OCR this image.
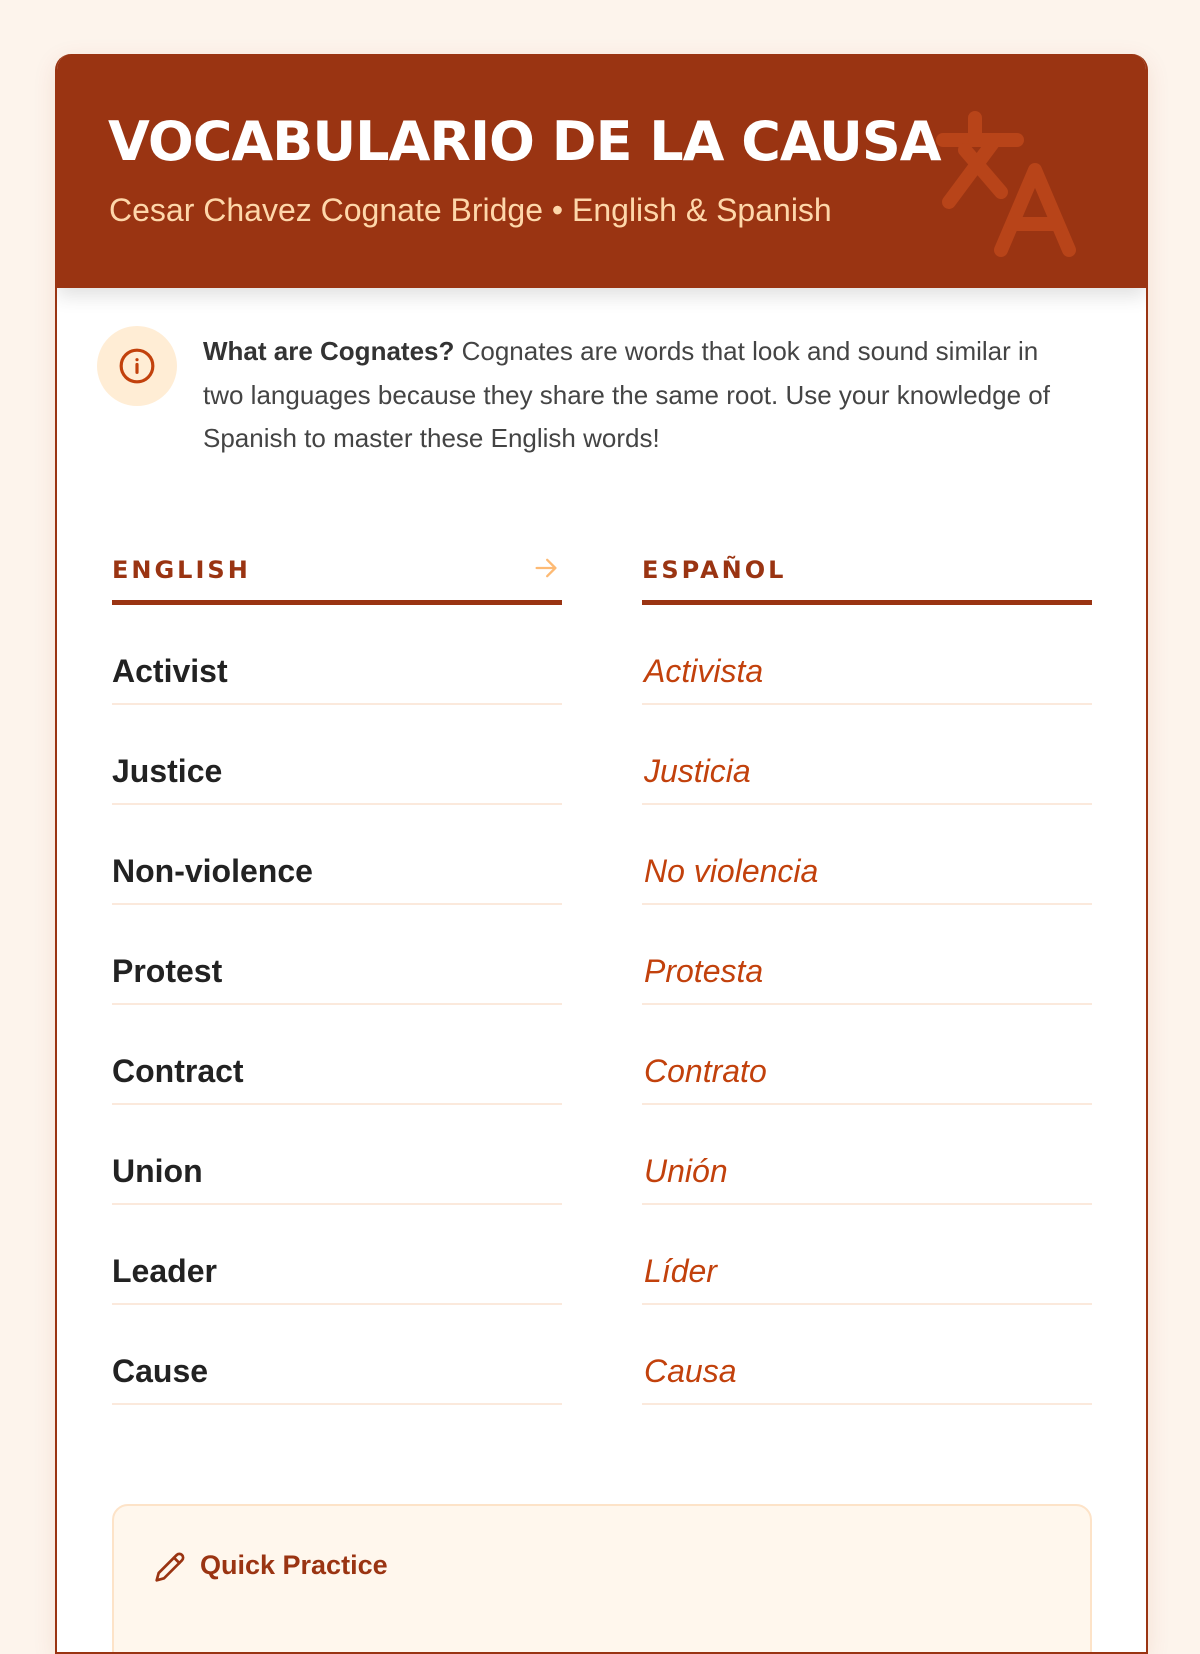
VOCABULARIO DE LA CAUSA
Cesar Chavez Cognate Bridge • English & Spanish
What are Cognates? Cognates are words that look and sound similar in two languages because they share the same root. Use your knowledge of Spanish to master these English words!
ENGLISH
Activist
Justice
Non-violence
Protest
Contract
Union
Leader
Cause
ESPAÑOL
Activista
Justicia
No violencia
Protesta
Contrato
Unión
Líder
Causa
Quick Practice
